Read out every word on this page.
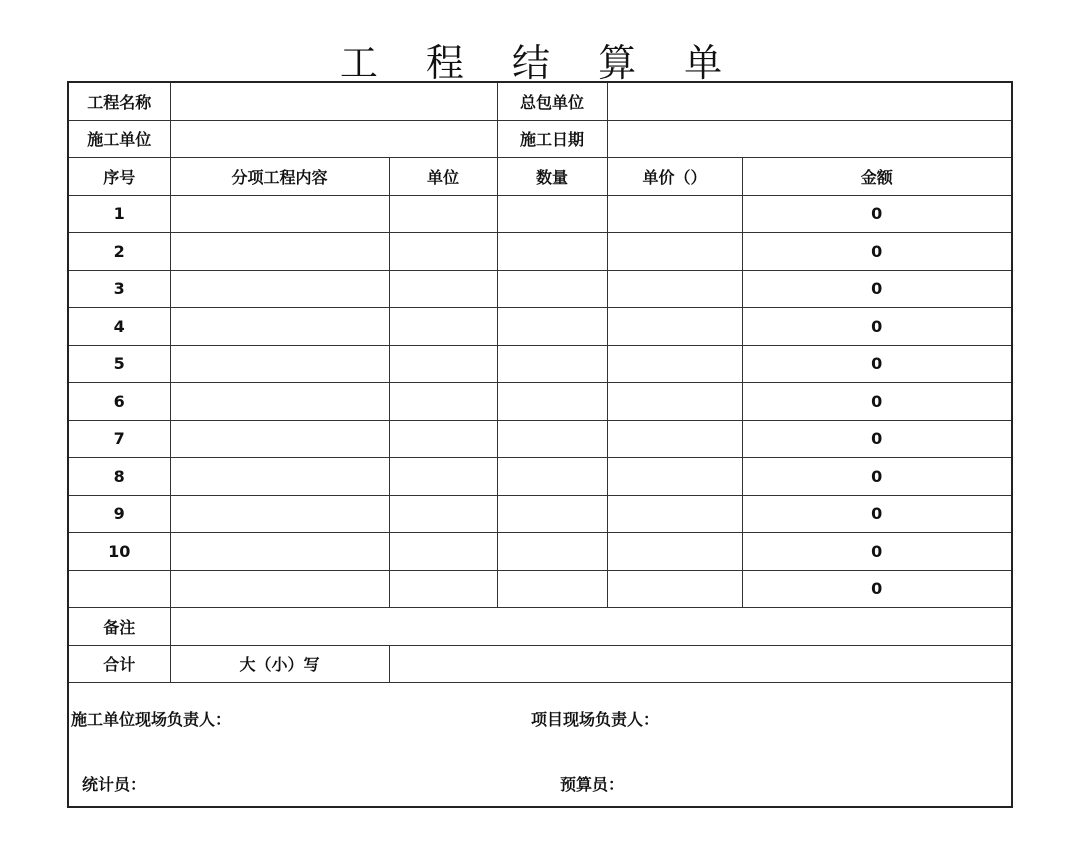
工 程 结 算 单
工程名称			总包单位		
施工单位			施工日期		
序号	分项工程内容	单位	数量	单价（）	金额
1					0
2					0
3					0
4					0
5					0
6					0
7					0
8					0
9					0
10					0
					0
备注					
合计	大（小）写				
施工单位现场负责人：	项目现场负责人：
统计员：	预算员：
